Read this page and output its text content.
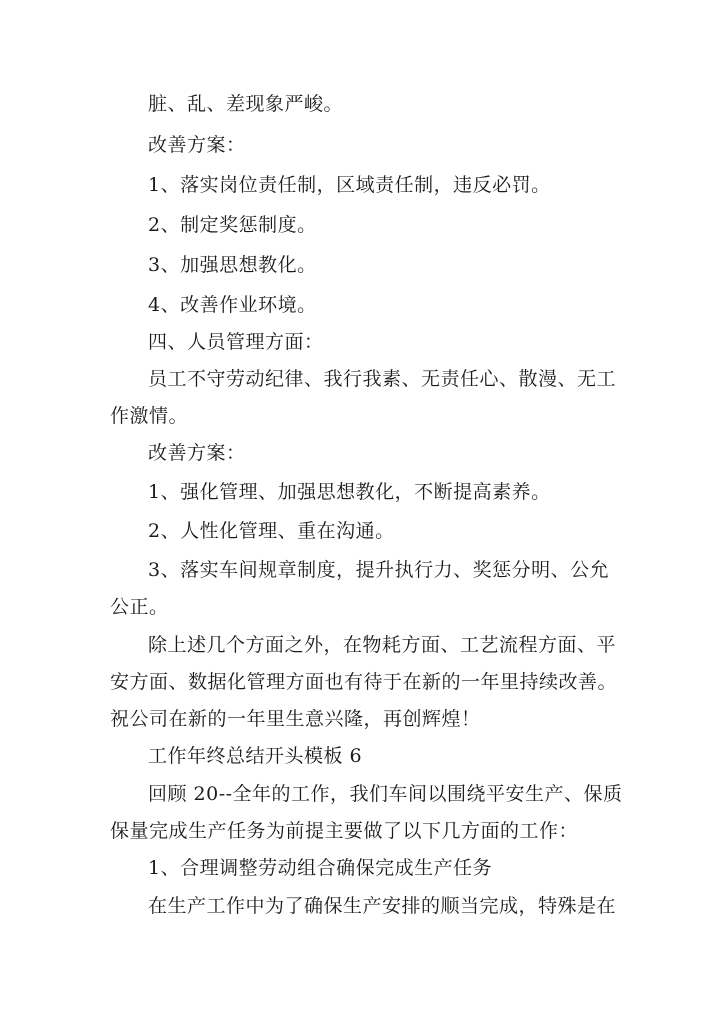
脏、乱、差现象严峻。
改善方案：
1、落实岗位责任制，区域责任制，违反必罚。
2、制定奖惩制度。
3、加强思想教化。
4、改善作业环境。
四、人员管理方面：
员工不守劳动纪律、我行我素、无责任心、散漫、无工
作激情。
改善方案：
1、强化管理、加强思想教化，不断提高素养。
2、人性化管理、重在沟通。
3、落实车间规章制度，提升执行力、奖惩分明、公允
公正。
除上述几个方面之外，在物耗方面、工艺流程方面、平
安方面、数据化管理方面也有待于在新的一年里持续改善。
祝公司在新的一年里生意兴隆，再创辉煌！
工作年终总结开头模板 6
回顾 20--全年的工作，我们车间以围绕平安生产、保质
保量完成生产任务为前提主要做了以下几方面的工作：
1、合理调整劳动组合确保完成生产任务
在生产工作中为了确保生产安排的顺当完成，特殊是在
